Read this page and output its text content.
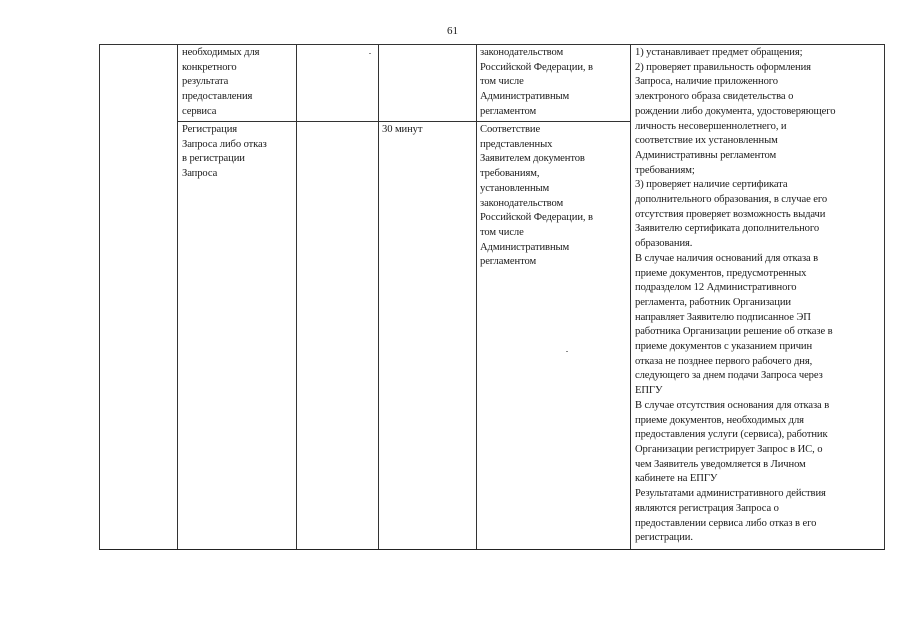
61
необходимых для
конкретного
результата
предоставления
сервиса
законодательством
Российской Федерации, в
том числе
Административным
регламентом
Регистрация
Запроса либо отказ
в регистрации
Запроса
30 минут	Соответствие
представленных
Заявителем документов
требованиям,
установленным
законодательством
Российской Федерации, в
том числе
Административным
регламентом
1) устанавливает предмет обращения;
2) проверяет правильность оформления
Запроса, наличие приложенного
электроного образа свидетельства о
рождении либо документа, удостоверяющего
личность несовершеннолетнего, и
соответствие их установленным
Административны регламентом
требованиям;
3) проверяет наличие сертификата
дополнительного образования, в случае его
отсутствия проверяет возможность выдачи
Заявителю сертификата дополнительного
образования.
В случае наличия оснований для отказа в
приеме документов, предусмотренных
подразделом 12 Административного
регламента, работник Организации
направляет Заявителю подписанное ЭП
работника Организации решение об отказе в
приеме документов с указанием причин
отказа не позднее первого рабочего дня,
следующего за днем подачи Запроса через
ЕПГУ
В случае отсутствия основания для отказа в
приеме документов, необходимых для
предоставления услуги (сервиса), работник
Организации регистрирует Запрос в ИС, о
чем Заявитель уведомляется в Личном
кабинете на ЕПГУ
Результатами административного действия
являются регистрация Запроса о
предоставлении сервиса либо отказ в его
регистрации.
